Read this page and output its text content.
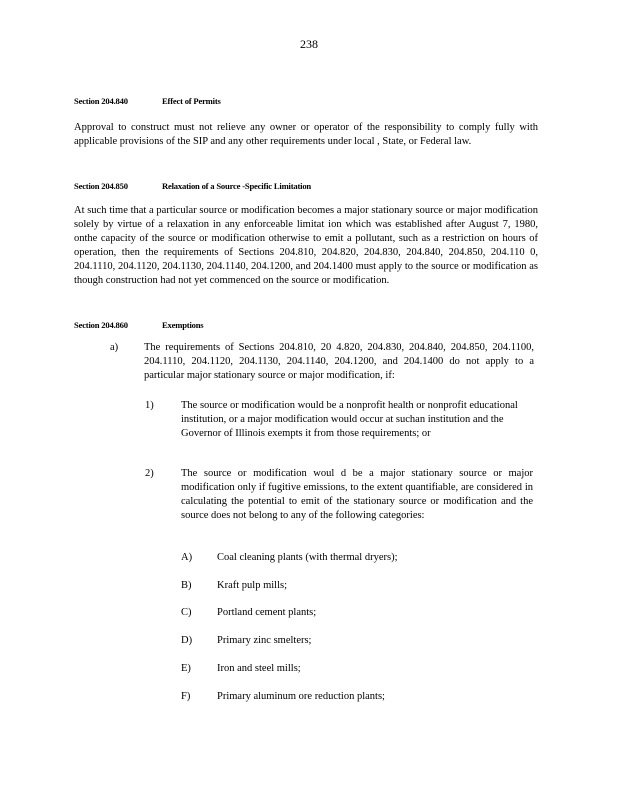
238
Section 204.840	Effect of Permits
Approval to construct must not relieve any owner or operator of the responsibility to comply fully with applicable provisions of the SIP and any other requirements under local , State, or Federal law.
Section 204.850	Relaxation of a Source -Specific Limitation
At such time that a particular source or modification becomes a major stationary source or major modification solely by virtue of a relaxation in any enforceable limitat ion which was established after August 7, 1980, onthe capacity of the source or modification otherwise to emit a pollutant, such as a restriction on hours of operation, then the requirements of Sections 204.810, 204.820, 204.830, 204.840, 204.850, 204.110 0, 204.1110, 204.1120, 204.1130, 204.1140, 204.1200, and 204.1400 must apply to the source or modification as though construction had not yet commenced on the source or modification.
Section 204.860	Exemptions
a) The requirements of Sections 204.810, 20 4.820, 204.830, 204.840, 204.850, 204.1100, 204.1110, 204.1120, 204.1130, 204.1140, 204.1200, and 204.1400 do not apply to a particular major stationary source or major modification, if:
1)	The source or modification would be a nonprofit health or nonprofit educational institution, or a major modification would occur at suchan institution and the Governor of Illinois exempts it from those requirements; or
2)	The source or modification woul d be a major stationary source or major modification only if fugitive emissions, to the extent quantifiable, are considered in calculating the potential to emit of the stationary source or modification and the source does not belong to any of the following categories:
A) Coal cleaning plants (with thermal dryers);
B) Kraft pulp mills;
C) Portland cement plants;
D) Primary zinc smelters;
E) Iron and steel mills;
F)	Primary aluminum ore reduction plants;
